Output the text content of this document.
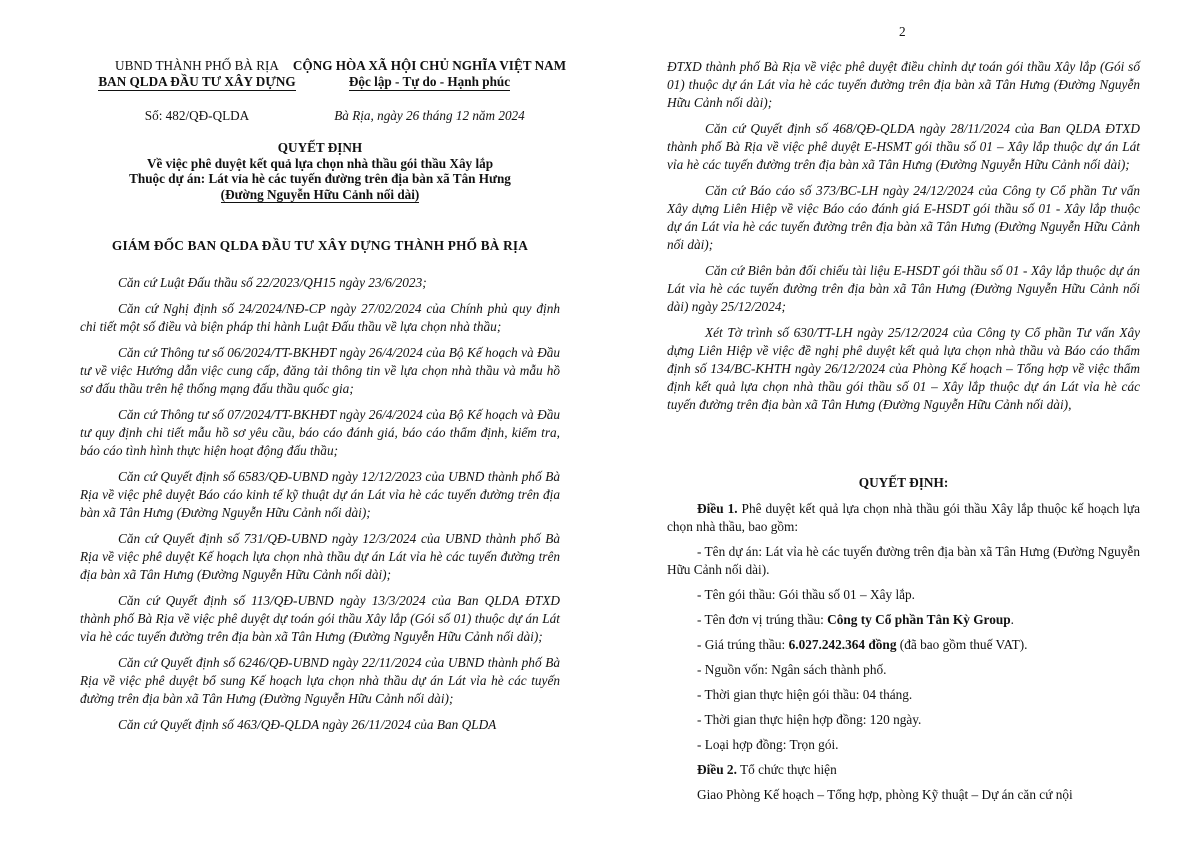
UBND THÀNH PHỐ BÀ RỊA
BAN QLDA ĐẦU TƯ XÂY DỰNG
CỘNG HÒA XÃ HỘI CHỦ NGHĨA VIỆT NAM
Độc lập - Tự do - Hạnh phúc
Số: 482/QĐ-QLDA	Bà Rịa, ngày 26 tháng 12 năm 2024
QUYẾT ĐỊNH
Về việc phê duyệt kết quả lựa chọn nhà thầu gói thầu Xây lắp
Thuộc dự án: Lát vỉa hè các tuyến đường trên địa bàn xã Tân Hưng
(Đường Nguyễn Hữu Cảnh nối dài)
GIÁM ĐỐC BAN QLDA ĐẦU TƯ XÂY DỰNG THÀNH PHỐ BÀ RỊA

Căn cứ Luật Đấu thầu số 22/2023/QH15 ngày 23/6/2023;

Căn cứ Nghị định số 24/2024/NĐ-CP ngày 27/02/2024 của Chính phủ quy định chi tiết một số điều và biện pháp thi hành Luật Đấu thầu về lựa chọn nhà thầu;

Căn cứ Thông tư số 06/2024/TT-BKHĐT ngày 26/4/2024 của Bộ Kế hoạch và Đầu tư về việc Hướng dẫn việc cung cấp, đăng tải thông tin về lựa chọn nhà thầu và mẫu hồ sơ đấu thầu trên hệ thống mạng đấu thầu quốc gia;

Căn cứ Thông tư số 07/2024/TT-BKHĐT ngày 26/4/2024 của Bộ Kế hoạch và Đầu tư quy định chi tiết mẫu hồ sơ yêu cầu, báo cáo đánh giá, báo cáo thẩm định, kiểm tra, báo cáo tình hình thực hiện hoạt động đấu thầu;

Căn cứ Quyết định số 6583/QĐ-UBND ngày 12/12/2023 của UBND thành phố Bà Rịa về việc phê duyệt Báo cáo kinh tế kỹ thuật dự án Lát vỉa hè các tuyến đường trên địa bàn xã Tân Hưng (Đường Nguyễn Hữu Cảnh nối dài);

Căn cứ Quyết định số 731/QĐ-UBND ngày 12/3/2024 của UBND thành phố Bà Rịa về việc phê duyệt Kế hoạch lựa chọn nhà thầu dự án Lát vỉa hè các tuyến đường trên địa bàn xã Tân Hưng (Đường Nguyễn Hữu Cảnh nối dài);

Căn cứ Quyết định số 113/QĐ-UBND ngày 13/3/2024 của Ban QLDA ĐTXD thành phố Bà Rịa về việc phê duyệt dự toán gói thầu Xây lắp (Gói số 01) thuộc dự án Lát vỉa hè các tuyến đường trên địa bàn xã Tân Hưng (Đường Nguyễn Hữu Cảnh nối dài);

Căn cứ Quyết định số 6246/QĐ-UBND ngày 22/11/2024 của UBND thành phố Bà Rịa về việc phê duyệt bổ sung Kế hoạch lựa chọn nhà thầu dự án Lát vỉa hè các tuyến đường trên địa bàn xã Tân Hưng (Đường Nguyễn Hữu Cảnh nối dài);

Căn cứ Quyết định số 463/QĐ-QLDA ngày 26/11/2024 của Ban QLDA

2

ĐTXD thành phố Bà Rịa về việc phê duyệt điều chỉnh dự toán gói thầu Xây lắp (Gói số 01) thuộc dự án Lát vỉa hè các tuyến đường trên địa bàn xã Tân Hưng (Đường Nguyễn Hữu Cảnh nối dài);

Căn cứ Quyết định số 468/QĐ-QLDA ngày 28/11/2024 của Ban QLDA ĐTXD thành phố Bà Rịa về việc phê duyệt E-HSMT gói thầu số 01 – Xây lắp thuộc dự án Lát vỉa hè các tuyến đường trên địa bàn xã Tân Hưng (Đường Nguyễn Hữu Cảnh nối dài);

Căn cứ Báo cáo số 373/BC-LH ngày 24/12/2024 của Công ty Cổ phần Tư vấn Xây dựng Liên Hiệp về việc Báo cáo đánh giá E-HSDT gói thầu số 01 - Xây lắp thuộc dự án Lát vỉa hè các tuyến đường trên địa bàn xã Tân Hưng (Đường Nguyễn Hữu Cảnh nối dài);

Căn cứ Biên bản đối chiếu tài liệu E-HSDT gói thầu số 01 - Xây lắp thuộc dự án Lát vỉa hè các tuyến đường trên địa bàn xã Tân Hưng (Đường Nguyễn Hữu Cảnh nối dài) ngày 25/12/2024;

Xét Tờ trình số 630/TT-LH ngày 25/12/2024 của Công ty Cổ phần Tư vấn Xây dựng Liên Hiệp về việc đề nghị phê duyệt kết quả lựa chọn nhà thầu và Báo cáo thẩm định số 134/BC-KHTH ngày 26/12/2024 của Phòng Kế hoạch – Tổng hợp về việc thẩm định kết quả lựa chọn nhà thầu gói thầu số 01 – Xây lắp thuộc dự án Lát vỉa hè các tuyến đường trên địa bàn xã Tân Hưng (Đường Nguyễn Hữu Cảnh nối dài),

QUYẾT ĐỊNH:

Điều 1. Phê duyệt kết quả lựa chọn nhà thầu gói thầu Xây lắp thuộc kế hoạch lựa chọn nhà thầu, bao gồm:

- Tên dự án: Lát vỉa hè các tuyến đường trên địa bàn xã Tân Hưng (Đường Nguyễn Hữu Cảnh nối dài).

- Tên gói thầu: Gói thầu số 01 – Xây lắp.

- Tên đơn vị trúng thầu: Công ty Cổ phần Tân Kỳ Group.

- Giá trúng thầu: 6.027.242.364 đồng (đã bao gồm thuế VAT).

- Nguồn vốn: Ngân sách thành phố.

- Thời gian thực hiện gói thầu: 04 tháng.

- Thời gian thực hiện hợp đồng: 120 ngày.

- Loại hợp đồng: Trọn gói.

Điều 2. Tổ chức thực hiện

Giao Phòng Kế hoạch – Tổng hợp, phòng Kỹ thuật – Dự án căn cứ nội
